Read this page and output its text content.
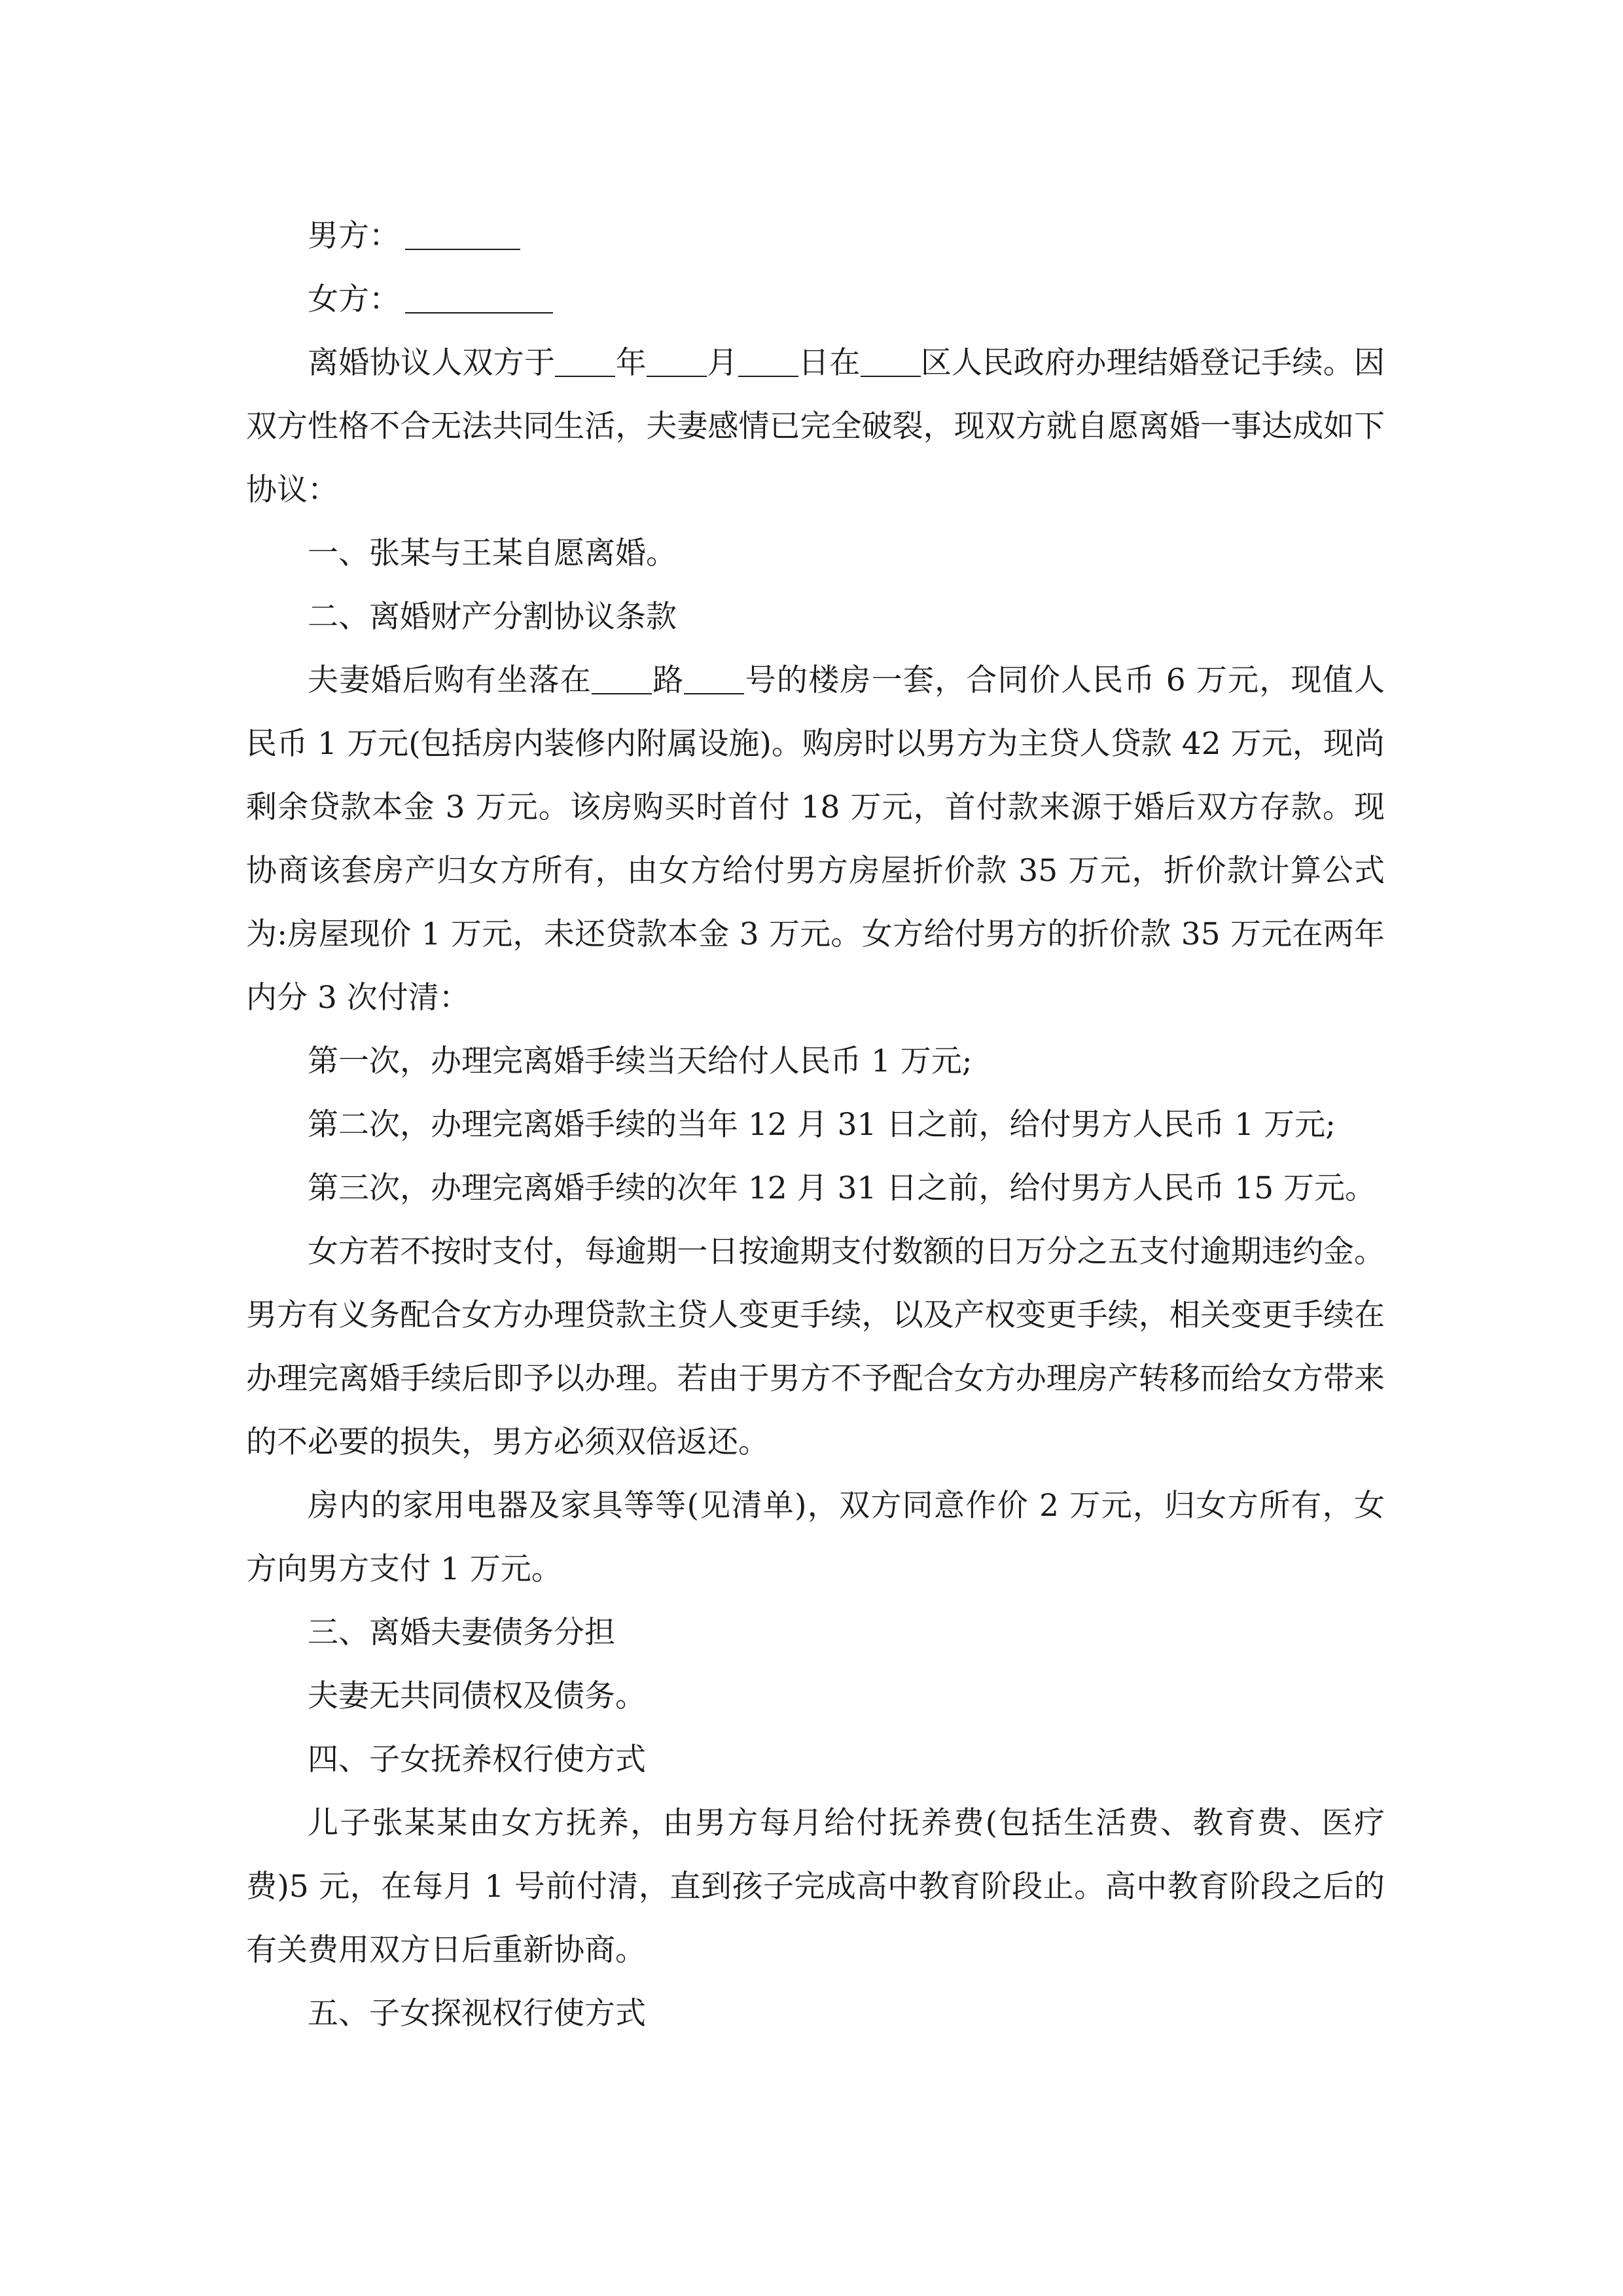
男方：

女方：

离婚协议人双方于 年 月 日在 区人民政府办理结婚登记手续。因双方性格不合无法共同生活，夫妻感情已完全破裂，现双方就自愿离婚一事达成如下协议：

一、张某与王某自愿离婚。

二、离婚财产分割协议条款

夫妻婚后购有坐落在 路 号的楼房一套，合同价人民币 6 万元，现值人民币 1 万元(包括房内装修内附属设施)。购房时以男方为主贷人贷款 42 万元，现尚剩余贷款本金 3 万元。该房购买时首付 18 万元，首付款来源于婚后双方存款。现协商该套房产归女方所有，由女方给付男方房屋折价款 35 万元，折价款计算公式为:房屋现价 1 万元，未还贷款本金 3 万元。女方给付男方的折价款 35 万元在两年内分 3 次付清：

第一次，办理完离婚手续当天给付人民币 1 万元;

第二次，办理完离婚手续的当年 12 月 31 日之前，给付男方人民币 1 万元;

第三次，办理完离婚手续的次年 12 月 31 日之前，给付男方人民币 15 万元。

女方若不按时支付，每逾期一日按逾期支付数额的日万分之五支付逾期违约金。男方有义务配合女方办理贷款主贷人变更手续，以及产权变更手续，相关变更手续在办理完离婚手续后即予以办理。若由于男方不予配合女方办理房产转移而给女方带来的不必要的损失，男方必须双倍返还。

房内的家用电器及家具等等(见清单)，双方同意作价 2 万元，归女方所有，女方向男方支付 1 万元。

三、离婚夫妻债务分担

夫妻无共同债权及债务。

四、子女抚养权行使方式

儿子张某某由女方抚养，由男方每月给付抚养费(包括生活费、教育费、医疗费)5 元，在每月 1 号前付清，直到孩子完成高中教育阶段止。高中教育阶段之后的有关费用双方日后重新协商。

五、子女探视权行使方式
